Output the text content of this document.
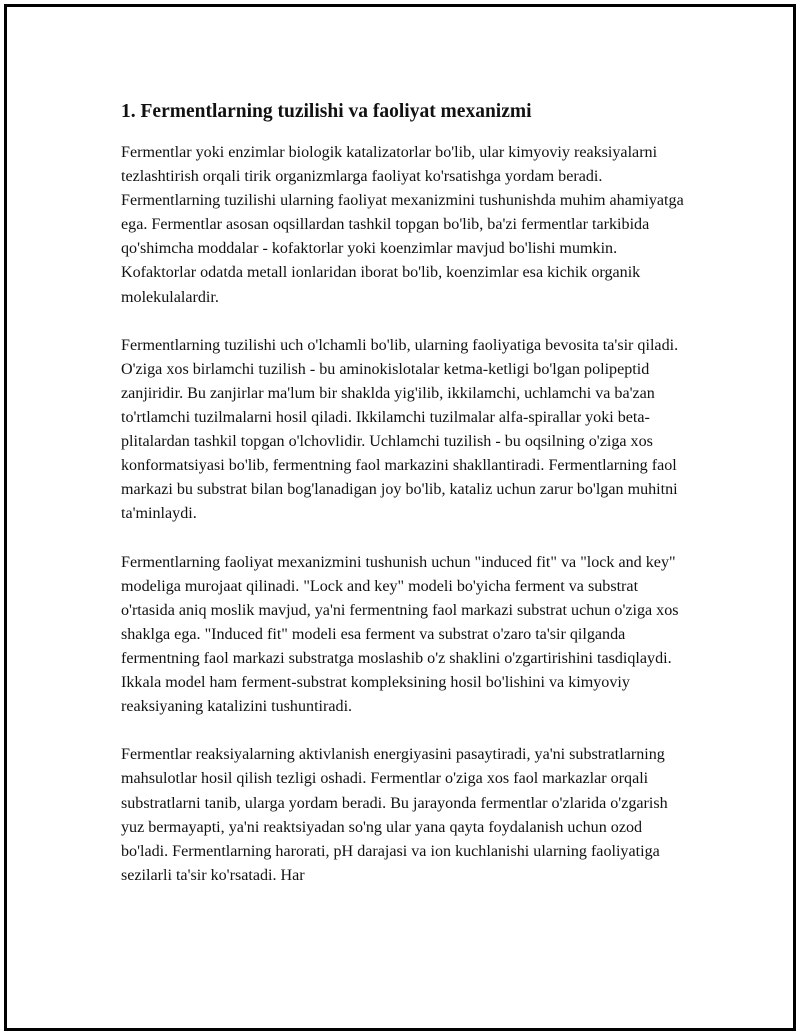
1. Fermentlarning tuzilishi va faoliyat mexanizmi

Fermentlar yoki enzimlar biologik katalizatorlar bo'lib, ular kimyoviy reaksiyalarni tezlashtirish orqali tirik organizmlarga faoliyat ko'rsatishga yordam beradi. Fermentlarning tuzilishi ularning faoliyat mexanizmini tushunishda muhim ahamiyatga ega. Fermentlar asosan oqsillardan tashkil topgan bo'lib, ba'zi fermentlar tarkibida qo'shimcha moddalar - kofaktorlar yoki koenzimlar mavjud bo'lishi mumkin. Kofaktorlar odatda metall ionlaridan iborat bo'lib, koenzimlar esa kichik organik molekulalardir.

Fermentlarning tuzilishi uch o'lchamli bo'lib, ularning faoliyatiga bevosita ta'sir qiladi. O'ziga xos birlamchi tuzilish - bu aminokislotalar ketma-ketligi bo'lgan polipeptid zanjiridir. Bu zanjirlar ma'lum bir shaklda yig'ilib, ikkilamchi, uchlamchi va ba'zan to'rtlamchi tuzilmalarni hosil qiladi. Ikkilamchi tuzilmalar alfa-spirallar yoki beta-plitalardan tashkil topgan o'lchovlidir. Uchlamchi tuzilish - bu oqsilning o'ziga xos konformatsiyasi bo'lib, fermentning faol markazini shakllantiradi. Fermentlarning faol markazi bu substrat bilan bog'lanadigan joy bo'lib, kataliz uchun zarur bo'lgan muhitni ta'minlaydi.

Fermentlarning faoliyat mexanizmini tushunish uchun "induced fit" va "lock and key" modeliga murojaat qilinadi. "Lock and key" modeli bo'yicha ferment va substrat o'rtasida aniq moslik mavjud, ya'ni fermentning faol markazi substrat uchun o'ziga xos shaklga ega. "Induced fit" modeli esa ferment va substrat o'zaro ta'sir qilganda fermentning faol markazi substratga moslashib o'z shaklini o'zgartirishini tasdiqlaydi. Ikkala model ham ferment-substrat kompleksining hosil bo'lishini va kimyoviy reaksiyaning katalizini tushuntiradi.

Fermentlar reaksiyalarning aktivlanish energiyasini pasaytiradi, ya'ni substratlarning mahsulotlar hosil qilish tezligi oshadi. Fermentlar o'ziga xos faol markazlar orqali substratlarni tanib, ularga yordam beradi. Bu jarayonda fermentlar o'zlarida o'zgarish yuz bermayapti, ya'ni reaktsiyadan so'ng ular yana qayta foydalanish uchun ozod bo'ladi. Fermentlarning harorati, pH darajasi va ion kuchlanishi ularning faoliyatiga sezilarli ta'sir ko'rsatadi. Har
